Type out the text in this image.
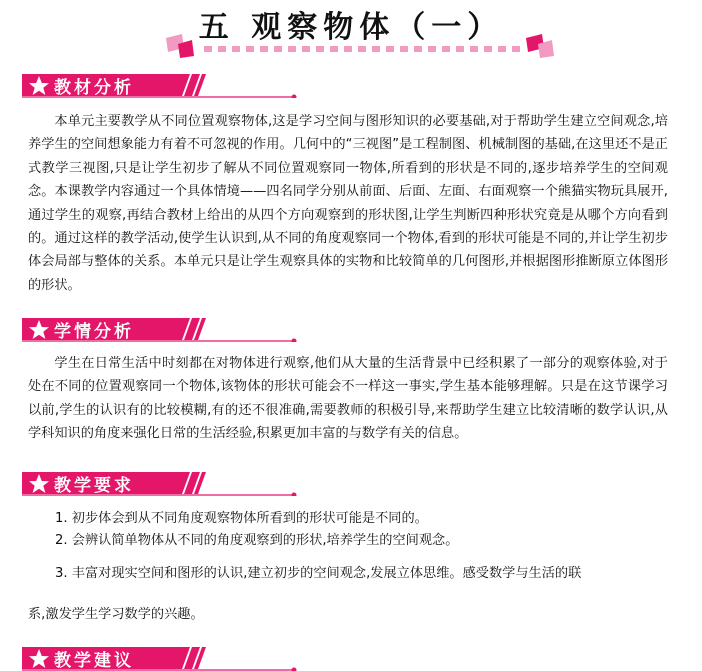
五 观察物体（一）
教材分析

本单元主要教学从不同位置观察物体,这是学习空间与图形知识的必要基础,对于帮助学生建立空间观念,培养学生的空间想象能力有着不可忽视的作用。几何中的“三视图”是工程制图、机械制图的基础,在这里还不是正式教学三视图,只是让学生初步了解从不同位置观察同一物体,所看到的形状是不同的,逐步培养学生的空间观念。本课教学内容通过一个具体情境——四名同学分别从前面、后面、左面、右面观察一个熊猫实物玩具展开,通过学生的观察,再结合教材上给出的从四个方向观察到的形状图,让学生判断四种形状究竟是从哪个方向看到的。通过这样的教学活动,使学生认识到,从不同的角度观察同一个物体,看到的形状可能是不同的,并让学生初步体会局部与整体的关系。本单元只是让学生观察具体的实物和比较简单的几何图形,并根据图形推断原立体图形的形状。

学情分析

学生在日常生活中时刻都在对物体进行观察,他们从大量的生活背景中已经积累了一部分的观察体验,对于处在不同的位置观察同一个物体,该物体的形状可能会不一样这一事实,学生基本能够理解。只是在这节课学习以前,学生的认识有的比较模糊,有的还不很准确,需要教师的积极引导,来帮助学生建立比较清晰的数学认识,从学科知识的角度来强化日常的生活经验,积累更加丰富的与数学有关的信息。

教学要求
1. 初步体会到从不同角度观察物体所看到的形状可能是不同的。
2. 会辨认简单物体从不同的角度观察到的形状,培养学生的空间观念。
3. 丰富对现实空间和图形的认识,建立初步的空间观念,发展立体思维。感受数学与生活的联
系,激发学生学习数学的兴趣。
教学建议
